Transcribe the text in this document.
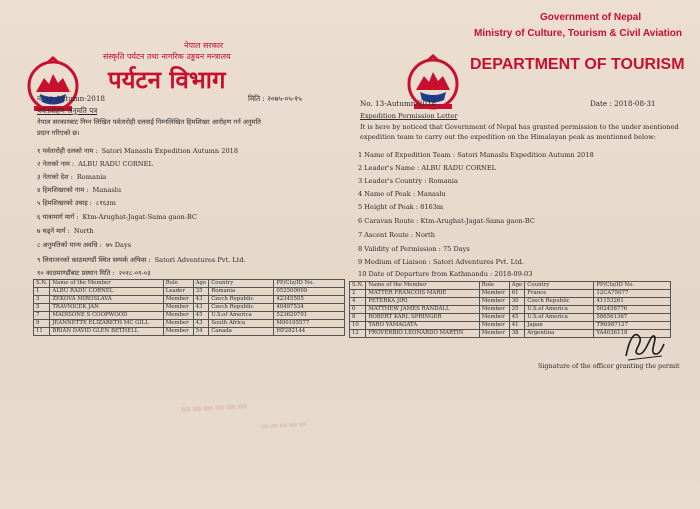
▬▬▬▬▬▬
▬▬▬▬▬
नेपाल सरकार
संस्कृति पर्यटन तथा नागरिक उड्डयन मन्त्रालय
पर्यटन विभाग
Government of Nepal
Ministry of Culture, Tourism & Civil Aviation
DEPARTMENT OF TOURISM
नं. १३-Autumn-2018	मिति : २०७५-०५-१५
पर्वतारोहण अनुमति पत्र
नेपाल सरकारबाट निम्न लिखित पर्वतारोही दलवाई निम्नलिखित हिमशिखर आरोहण गर्न अनुमति
प्रदान गरिएको छ।
१ पर्वतारोही दलको नाम : Satori Manaslu Expedition Autumn 2018
२ नेताको नाम : ALBU RADU CORNEL
३ नेताको देश : Romania
४ हिमशिखरको नाम : Manaslu
५ हिमशिखरको उचाइ : ८१६३m
६ यात्रामार्ग मार्ग : Ktm-Arughat-Jagat-Sama gaon-BC
७ चढ्ने मार्ग : North
८ अनुमतिको मान्य अवधि : ७५ Days
९ लियाजनको काठमाण्डौं स्थित सम्पर्क अफिस : Satori Adventures Pvt. Ltd.
१० काठमाण्डौंबाट प्रस्थान मिति : २०१८-०९-०३
No. 13-Autumn-2018	Date : 2018-08-31
Expedition Permission Letter
It is here by noticed that Government of Nepal has granted permission to the under mentioned
expedition team to carry out the expedition on the Himalayan peak as mentioned below:
1 Name of Expedition Team : Satori Manaslu Expedition Autumn 2018
2 Leader's Name : ALBU RADU CORNEL
3 Leader's Country : Romania
4 Name of Peak : Manaslu
5 Height of Peak : 8163m
6 Caravan Route : Ktm-Arughat-Jagat-Sama gaon-BC
7 Ascent Route : North
8 Validity of Permission : 75 Days
9 Medium of Liaison : Satori Adventures Pvt. Ltd.
10 Date of Departure from Kathmandu : 2018-09-03
S.N.	Name of the Member	Role	Age	Country	PP/Ctz/ID No.
1	ALBU RADU CORNEL	Leader	35	Romania	052500099
3	ZEKOVA MIROSLAVA	Member	43	Czech Republic	42345505
5	TRAVNICEK JAN	Member	43	Czech Republic	40497534
7	MADISONE S COOPWOOD	Member	45	U.S.of America	523620701
9	JEANNETTE ELIZABETH MC GILL	Member	43	South Africa	M00195577
11	BRIAN DAVID GLEN BETHELL	Member	54	Canada	HP282144
S.N.	Name of the Member	Role	Age	Country	PP/Ctz/ID No.
2	MATTER FRANCOIS MARIE	Member	61	France	12CA75077
4	PETERKA JIRI	Member	30	Czech Republic	41153261
6	MATTHEW JAMES RANDALL	Member	25	U.S.of America	502458776
8	ROBERT KARL SPRINGER	Member	45	U.S.of America	586561367
10	TARO YAMAGATA	Member	41	Japan	TR6987127
12	FROVERBIO LEONARDO MARTIN	Member	38	Argentina	YA4036118
Signature of the officer granting the permit
